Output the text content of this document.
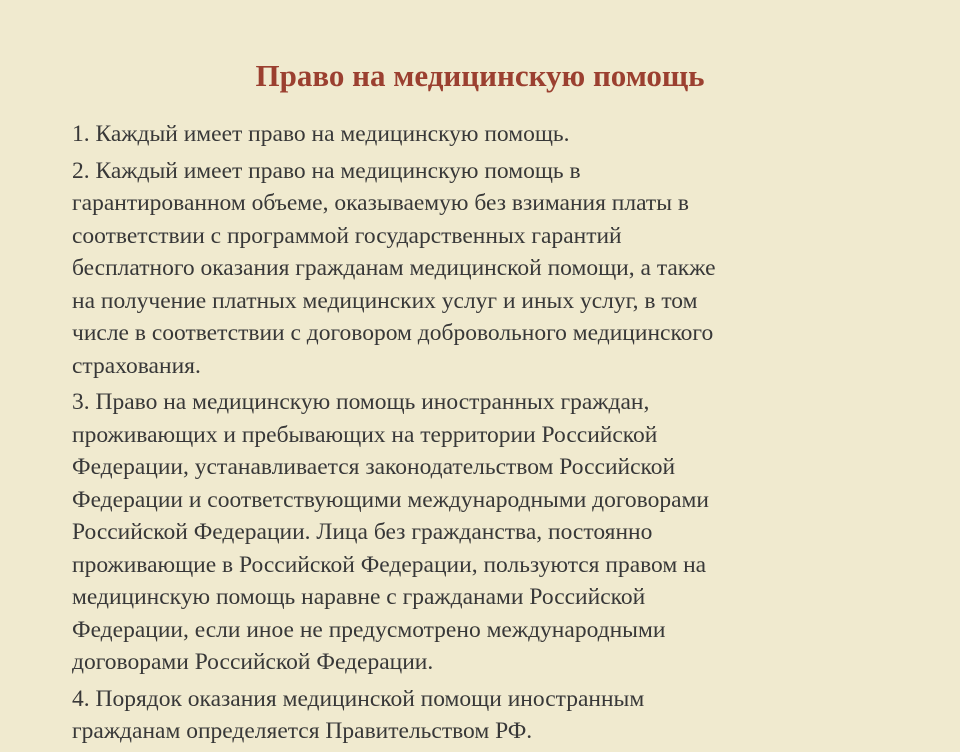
Право на медицинскую помощь

1. Каждый имеет право на медицинскую помощь.

2. Каждый имеет право на медицинскую помощь в
гарантированном объеме, оказываемую без взимания платы в
соответствии с программой государственных гарантий
бесплатного оказания гражданам медицинской помощи, а также
на получение платных медицинских услуг и иных услуг, в том
числе в соответствии с договором добровольного медицинского
страхования.

3. Право на медицинскую помощь иностранных граждан,
проживающих и пребывающих на территории Российской
Федерации, устанавливается законодательством Российской
Федерации и соответствующими международными договорами
Российской Федерации. Лица без гражданства, постоянно
проживающие в Российской Федерации, пользуются правом на
медицинскую помощь наравне с гражданами Российской
Федерации, если иное не предусмотрено международными
договорами Российской Федерации.

4. Порядок оказания медицинской помощи иностранным
гражданам определяется Правительством РФ.
